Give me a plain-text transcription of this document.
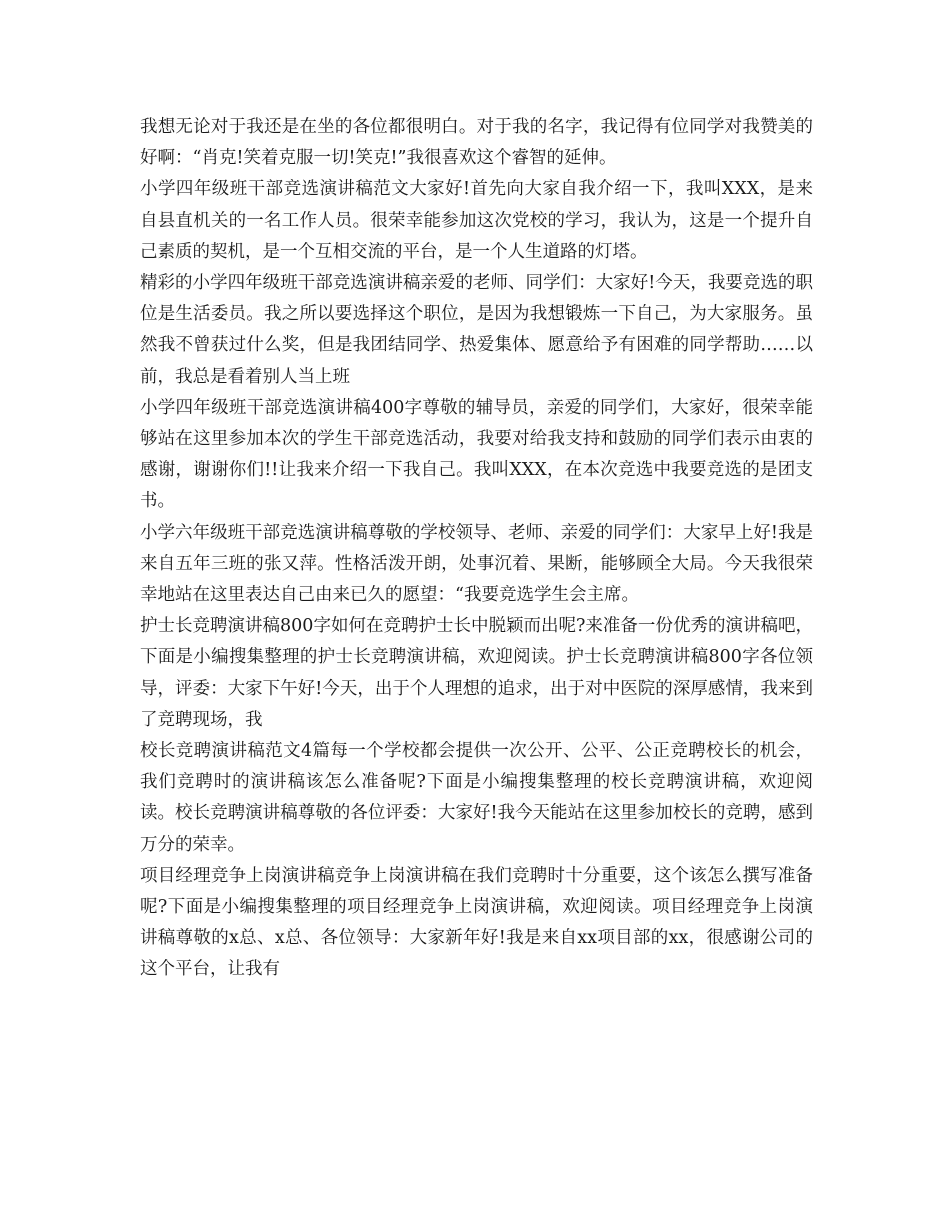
我想无论对于我还是在坐的各位都很明白。对于我的名字，我记得有位同学对我赞美的好啊：“肖克!笑着克服一切!笑克!”我很喜欢这个睿智的延伸。

小学四年级班干部竞选演讲稿范文大家好!首先向大家自我介绍一下，我叫XXX，是来自县直机关的一名工作人员。很荣幸能参加这次党校的学习，我认为，这是一个提升自己素质的契机，是一个互相交流的平台，是一个人生道路的灯塔。

精彩的小学四年级班干部竞选演讲稿亲爱的老师、同学们：大家好!今天，我要竞选的职位是生活委员。我之所以要选择这个职位，是因为我想锻炼一下自己，为大家服务。虽然我不曾获过什么奖，但是我团结同学、热爱集体、愿意给予有困难的同学帮助……以前，我总是看着别人当上班

小学四年级班干部竞选演讲稿400字尊敬的辅导员，亲爱的同学们，大家好，很荣幸能够站在这里参加本次的学生干部竞选活动，我要对给我支持和鼓励的同学们表示由衷的感谢，谢谢你们!!让我来介绍一下我自己。我叫XXX，在本次竞选中我要竞选的是团支书。

小学六年级班干部竞选演讲稿尊敬的学校领导、老师、亲爱的同学们：大家早上好!我是来自五年三班的张又萍。性格活泼开朗，处事沉着、果断，能够顾全大局。今天我很荣幸地站在这里表达自己由来已久的愿望：“我要竞选学生会主席。

护士长竞聘演讲稿800字如何在竞聘护士长中脱颖而出呢?来准备一份优秀的演讲稿吧，下面是小编搜集整理的护士长竞聘演讲稿，欢迎阅读。护士长竞聘演讲稿800字各位领导，评委：大家下午好!今天，出于个人理想的追求，出于对中医院的深厚感情，我来到了竞聘现场，我

校长竞聘演讲稿范文4篇每一个学校都会提供一次公开、公平、公正竞聘校长的机会，我们竞聘时的演讲稿该怎么准备呢?下面是小编搜集整理的校长竞聘演讲稿，欢迎阅读。校长竞聘演讲稿尊敬的各位评委：大家好!我今天能站在这里参加校长的竞聘，感到万分的荣幸。

项目经理竞争上岗演讲稿竞争上岗演讲稿在我们竞聘时十分重要，这个该怎么撰写准备呢?下面是小编搜集整理的项目经理竞争上岗演讲稿，欢迎阅读。项目经理竞争上岗演讲稿尊敬的x总、x总、各位领导：大家新年好!我是来自xx项目部的xx，很感谢公司的这个平台，让我有
